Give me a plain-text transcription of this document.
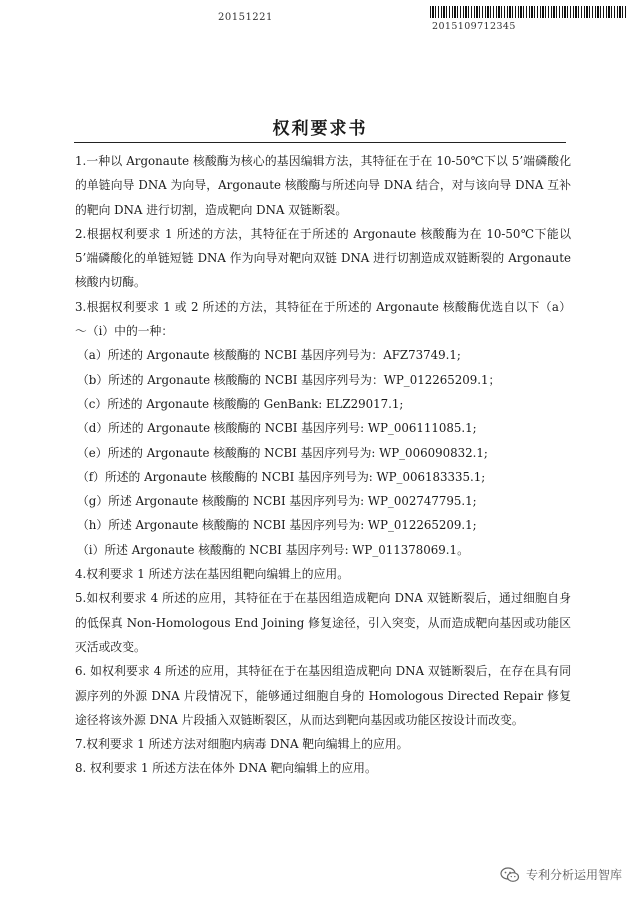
20151221
2015109712345
权利要求书

1.一种以 Argonaute 核酸酶为核心的基因编辑方法，其特征在于在 10-50℃下以 5’端磷酸化的单链向导 DNA 为向导，Argonaute 核酸酶与所述向导 DNA 结合，对与该向导 DNA 互补的靶向 DNA 进行切割，造成靶向 DNA 双链断裂。

2.根据权利要求 1 所述的方法，其特征在于所述的 Argonaute 核酸酶为在 10-50℃下能以 5’端磷酸化的单链短链 DNA 作为向导对靶向双链 DNA 进行切割造成双链断裂的 Argonaute 核酸内切酶。

3.根据权利要求 1 或 2 所述的方法，其特征在于所述的 Argonaute 核酸酶优选自以下（a）～（i）中的一种：

（a）所述的 Argonaute 核酸酶的 NCBI 基因序列号为：AFZ73749.1;

（b）所述的 Argonaute 核酸酶的 NCBI 基因序列号为：WP_012265209.1；

（c）所述的 Argonaute 核酸酶的 GenBank: ELZ29017.1;

（d）所述的 Argonaute 核酸酶的 NCBI 基因序列号: WP_006111085.1;

（e）所述的 Argonaute 核酸酶的 NCBI 基因序列号为: WP_006090832.1;

（f）所述的 Argonaute 核酸酶的 NCBI 基因序列号为: WP_006183335.1;

（g）所述 Argonaute 核酸酶的 NCBI 基因序列号为: WP_002747795.1;

（h）所述 Argonaute 核酸酶的 NCBI 基因序列号为: WP_012265209.1;

（i）所述 Argonaute 核酸酶的 NCBI 基因序列号: WP_011378069.1。

4.权利要求 1 所述方法在基因组靶向编辑上的应用。

5.如权利要求 4 所述的应用，其特征在于在基因组造成靶向 DNA 双链断裂后，通过细胞自身的低保真 Non-Homologous End Joining 修复途径，引入突变，从而造成靶向基因或功能区灭活或改变。

6. 如权利要求 4 所述的应用，其特征在于在基因组造成靶向 DNA 双链断裂后，在存在具有同源序列的外源 DNA 片段情况下，能够通过细胞自身的 Homologous Directed Repair 修复途径将该外源 DNA 片段插入双链断裂区，从而达到靶向基因或功能区按设计而改变。

7.权利要求 1 所述方法对细胞内病毒 DNA 靶向编辑上的应用。

8. 权利要求 1 所述方法在体外 DNA 靶向编辑上的应用。

专利分析运用智库
